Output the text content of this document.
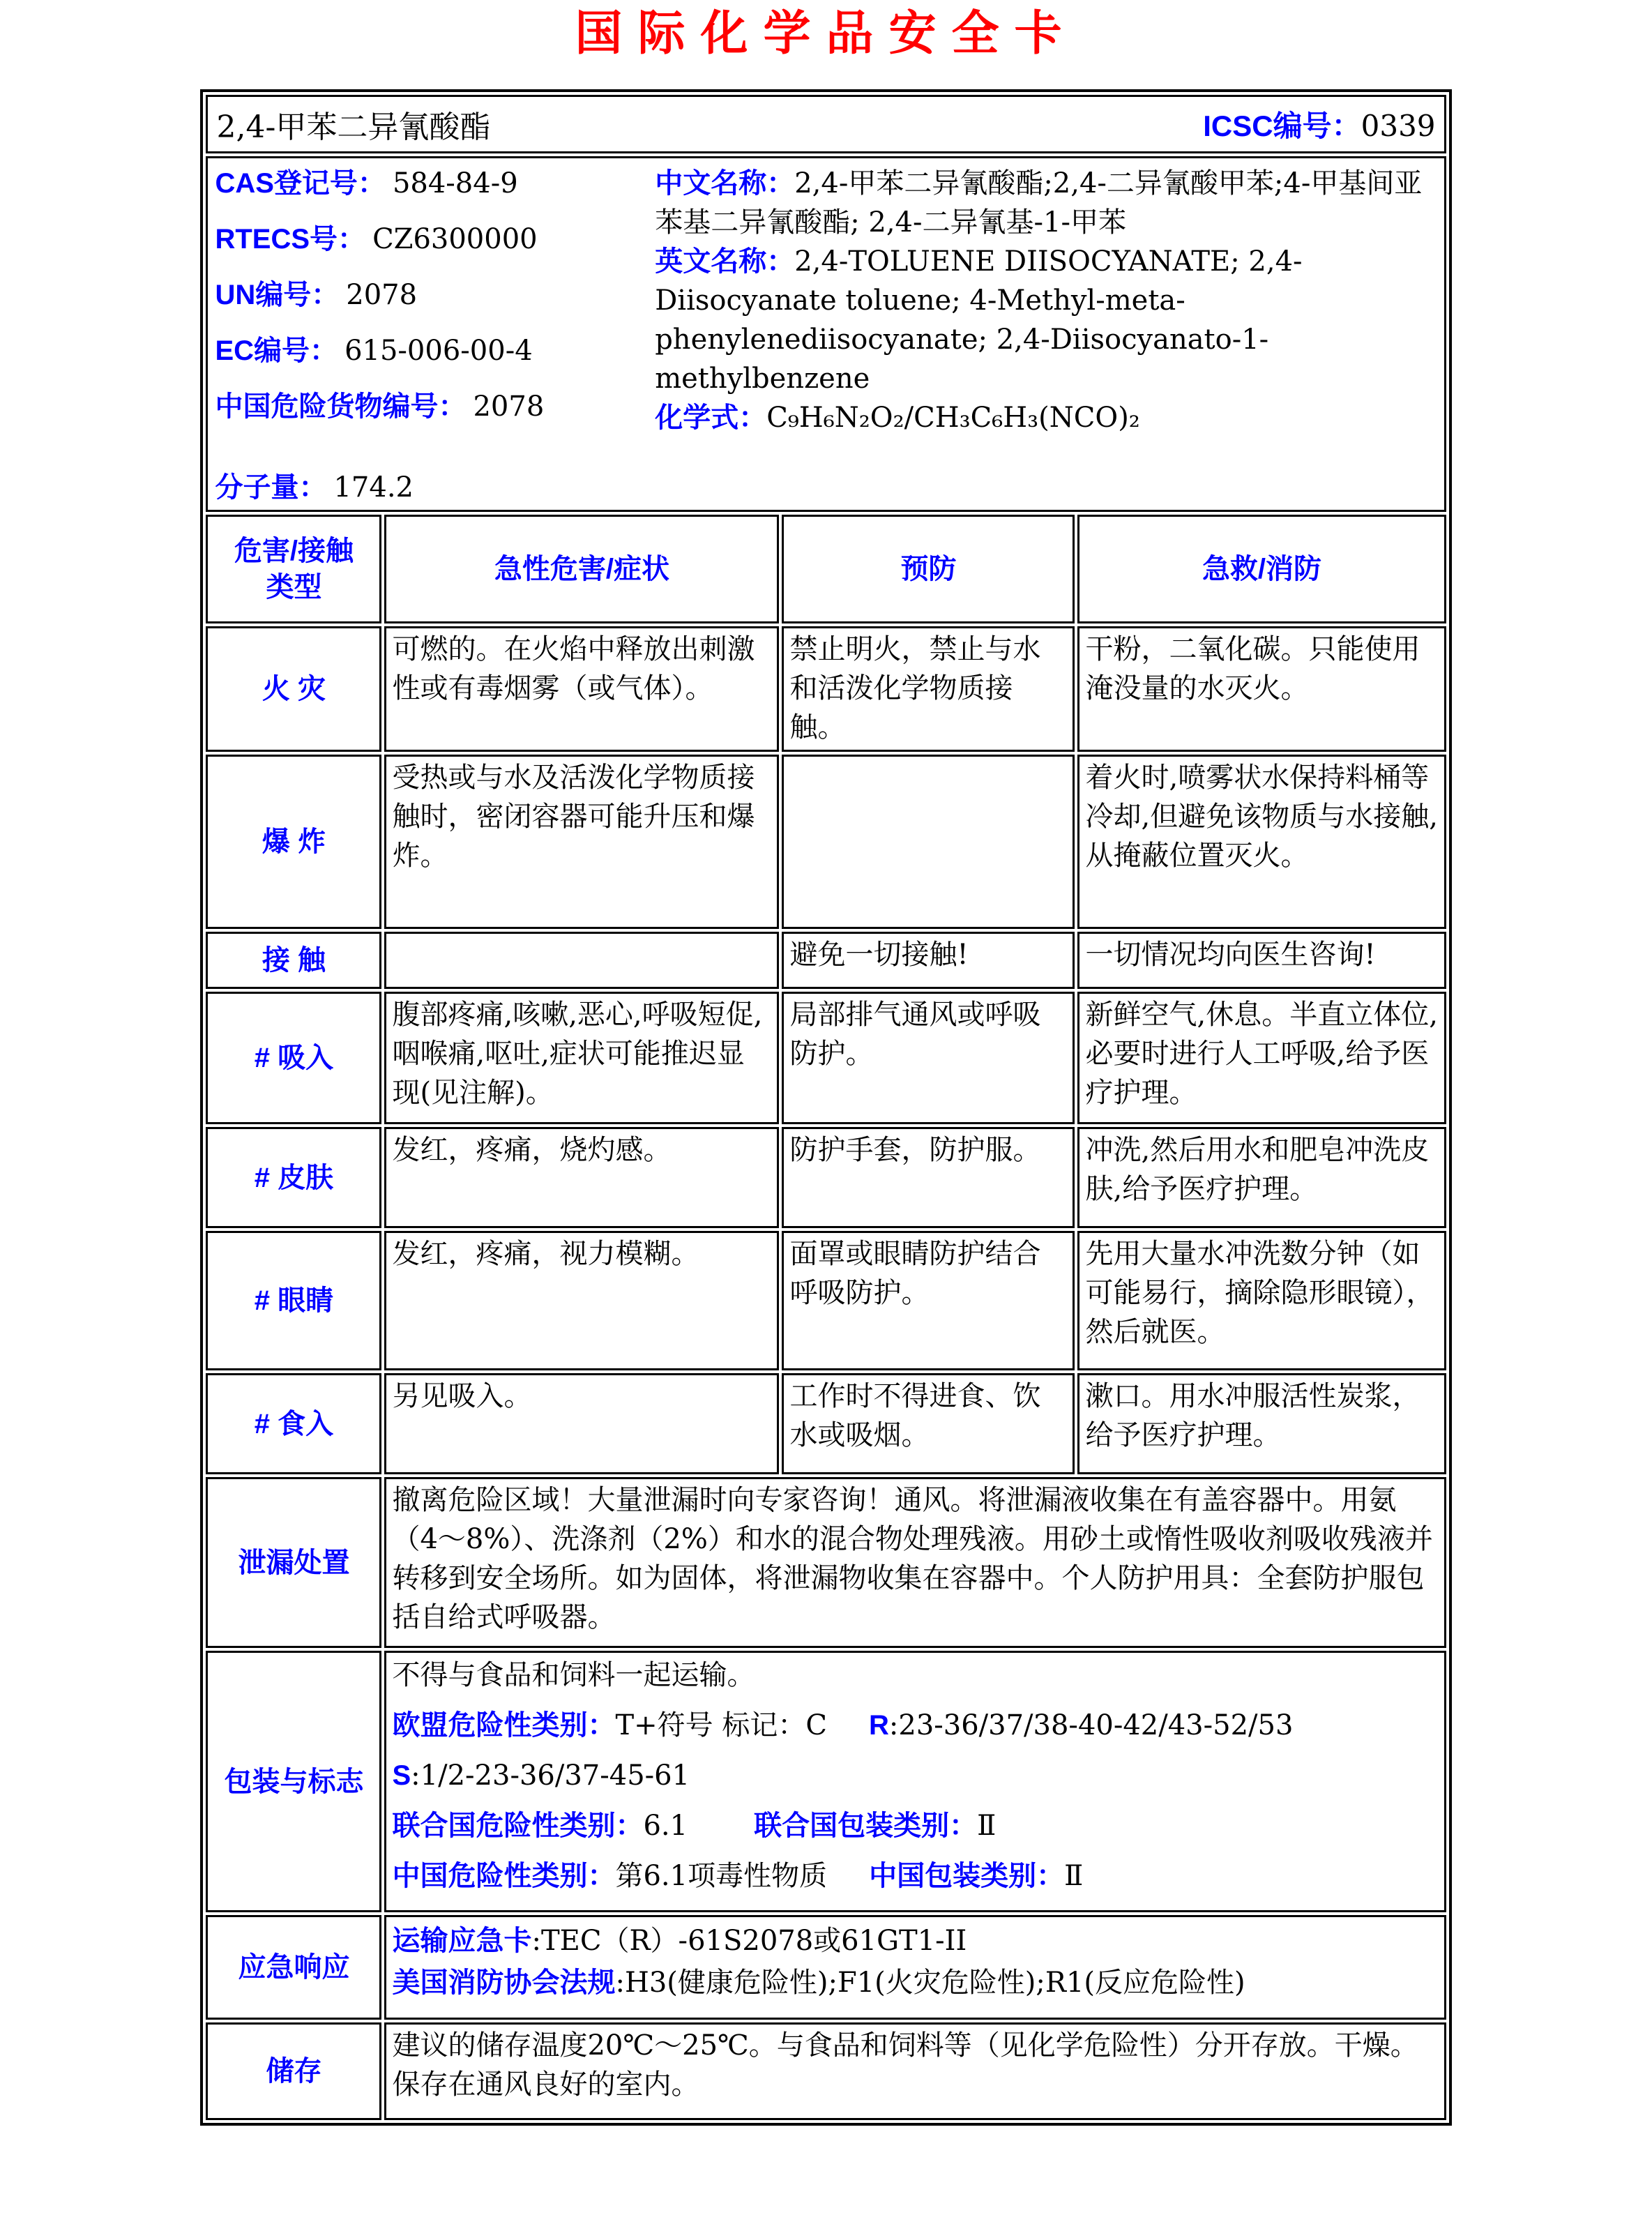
国际化学品安全卡
2,4-甲苯二异氰酸酯 ICSC编号：0339			

CAS登记号： 584-84-9
RTECS号： CZ6300000
UN编号： 2078
EC编号： 615-006-00-4
中国危险货物编号： 2078
分子量： 174.2
中文名称：2,4-甲苯二异氰酸酯;2,4-二异氰酸甲苯;4-甲基间亚苯基二异氰酸酯; 2,4-二异氰基-1-甲苯
英文名称：2,4-TOLUENE DIISOCYANATE; 2,4-Diisocyanate toluene; 4-Methyl-meta-phenylenediisocyanate; 2,4-Diisocyanato-1-methylbenzene
化学式：C₉H₆N₂O₂/CH₃C₆H₃(NCO)₂

危害/接触
类型	急性危害/症状	预防	急救/消防
火 灾	可燃的。在火焰中释放出刺激性或有毒烟雾（或气体）。	禁止明火，禁止与水和活泼化学物质接触。	干粉，二氧化碳。只能使用淹没量的水灭火。
爆 炸	受热或与水及活泼化学物质接触时，密闭容器可能升压和爆炸。		着火时,喷雾状水保持料桶等冷却,但避免该物质与水接触,从掩蔽位置灭火。
接 触		避免一切接触!	一切情况均向医生咨询!
# 吸入	腹部疼痛,咳嗽,恶心,呼吸短促,咽喉痛,呕吐,症状可能推迟显现(见注解)。	局部排气通风或呼吸防护。	新鲜空气,休息。半直立体位,必要时进行人工呼吸,给予医疗护理。
# 皮肤	发红，疼痛，烧灼感。	防护手套，防护服。	冲洗,然后用水和肥皂冲洗皮肤,给予医疗护理。
# 眼睛	发红，疼痛，视力模糊。	面罩或眼睛防护结合呼吸防护。	先用大量水冲洗数分钟（如可能易行，摘除隐形眼镜），然后就医。
# 食入	另见吸入。	工作时不得进食、饮水或吸烟。	漱口。用水冲服活性炭浆，给予医疗护理。
泄漏处置	撤离危险区域！大量泄漏时向专家咨询！通风。将泄漏液收集在有盖容器中。用氨（4～8%）、洗涤剂（2%）和水的混合物处理残液。用砂土或惰性吸收剂吸收残液并转移到安全场所。如为固体，将泄漏物收集在容器中。个人防护用具：全套防护服包括自给式呼吸器。		
包装与标志	不得与食品和饲料一起运输。
欧盟危险性类别：T+符号 标记：C R:23-36/37/38-40-42/43-52/53
S:1/2-23-36/37-45-61
联合国危险性类别：6.1 联合国包装类别：Ⅱ
中国危险性类别：第6.1项毒性物质 中国包装类别：Ⅱ		

应急响应	运输应急卡:TEC（R）-61S2078或61GT1-II
美国消防协会法规:H3(健康危险性);F1(火灾危险性);R1(反应危险性)		

储存	建议的储存温度20℃～25℃。与食品和饲料等（见化学危险性）分开存放。干燥。保存在通风良好的室内。		
